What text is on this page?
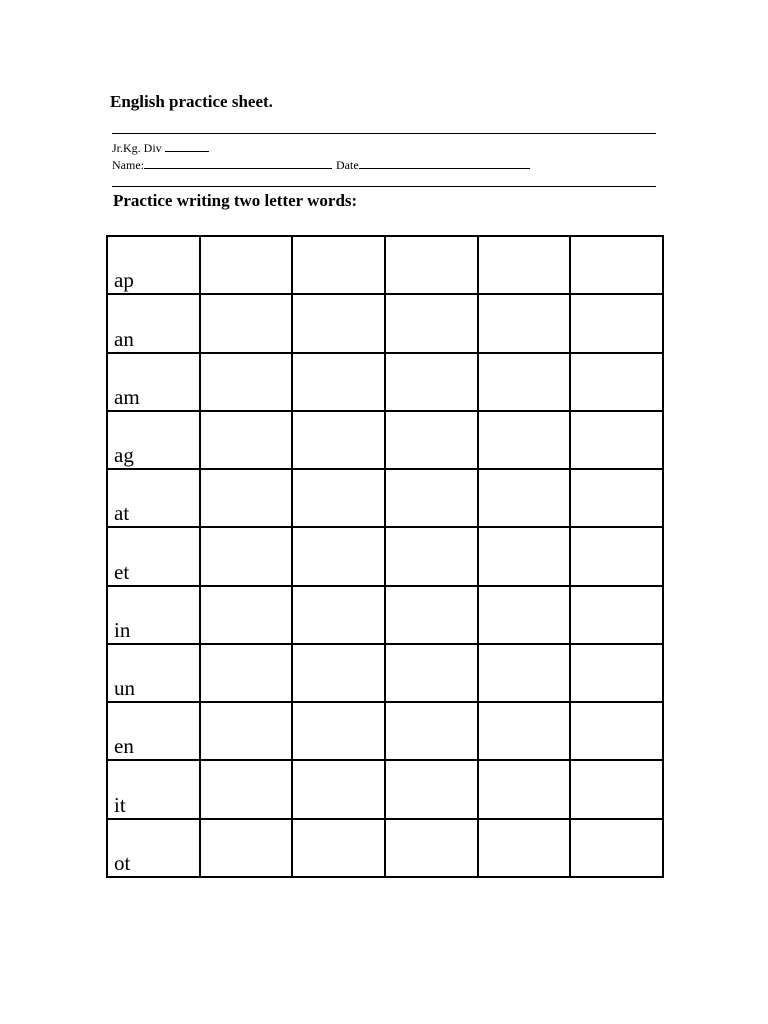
English practice sheet.
Jr.Kg. Div
Name:	Date
Practice writing two letter words:
ap					
an					
am					
ag					
at					
et					
in					
un					
en					
it					
ot					
